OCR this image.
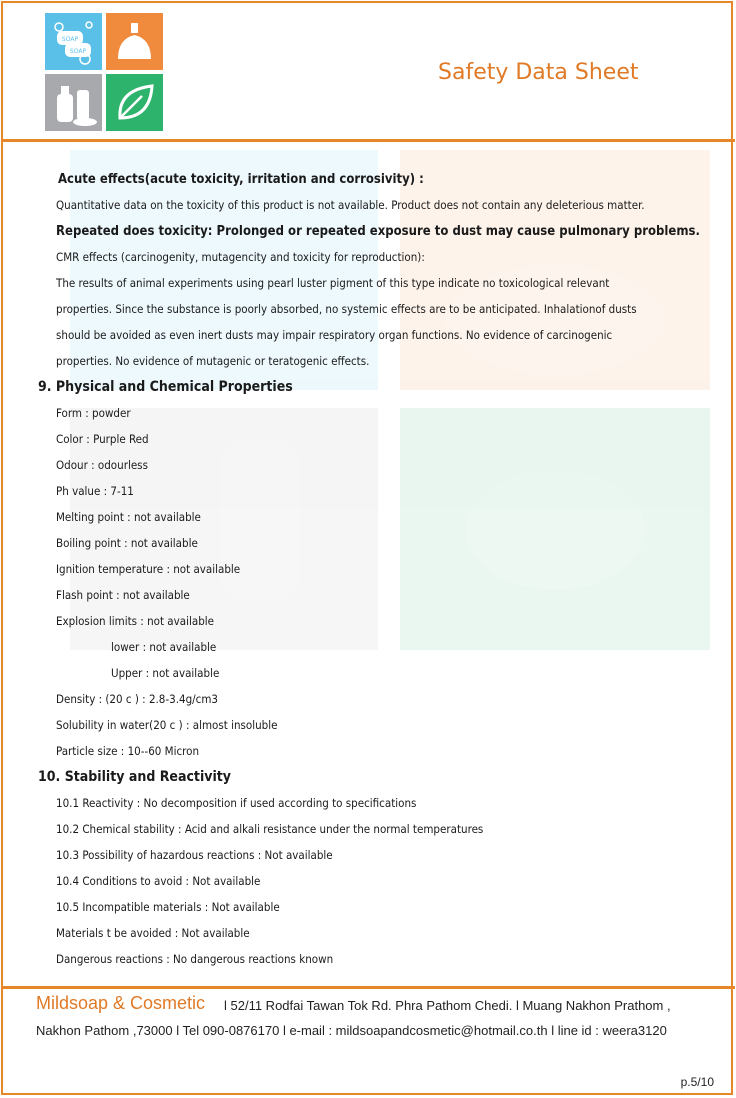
SOAP
SOAP
Safety Data Sheet
Acute effects(acute toxicity, irritation and corrosivity) :
Quantitative data on the toxicity of this product is not available. Product does not contain any deleterious matter.
Repeated does toxicity: Prolonged or repeated exposure to dust may cause pulmonary problems.
CMR effects (carcinogenity, mutagencity and toxicity for reproduction):
The results of animal experiments using pearl luster pigment of this type indicate no toxicological relevant
properties. Since the substance is poorly absorbed, no systemic effects are to be anticipated. Inhalationof dusts
should be avoided as even inert dusts may impair respiratory organ functions. No evidence of carcinogenic
properties. No evidence of mutagenic or teratogenic effects.
9. Physical and Chemical Properties
Form : powder
Color : Purple Red
Odour : odourless
Ph value : 7-11
Melting point : not available
Boiling point : not available
Ignition temperature : not available
Flash point : not available
Explosion limits : not available
lower : not available
Upper : not available
Density : (20 c ) : 2.8-3.4g/cm3
Solubility in water(20 c ) : almost insoluble
Particle size : 10--60 Micron
10. Stability and Reactivity
10.1 Reactivity : No decomposition if used according to specifications
10.2 Chemical stability : Acid and alkali resistance under the normal temperatures
10.3 Possibility of hazardous reactions : Not available
10.4 Conditions to avoid : Not available
10.5 Incompatible materials : Not available
Materials t be avoided : Not available
Dangerous reactions : No dangerous reactions known
Mildsoap & Cosmetic l 52/11 Rodfai Tawan Tok Rd. Phra Pathom Chedi. l Muang Nakhon Prathom ,
Nakhon Pathom ,73000 l Tel 090-0876170 l e-mail : mildsoapandcosmetic@hotmail.co.th l line id : weera3120
p.5/10
